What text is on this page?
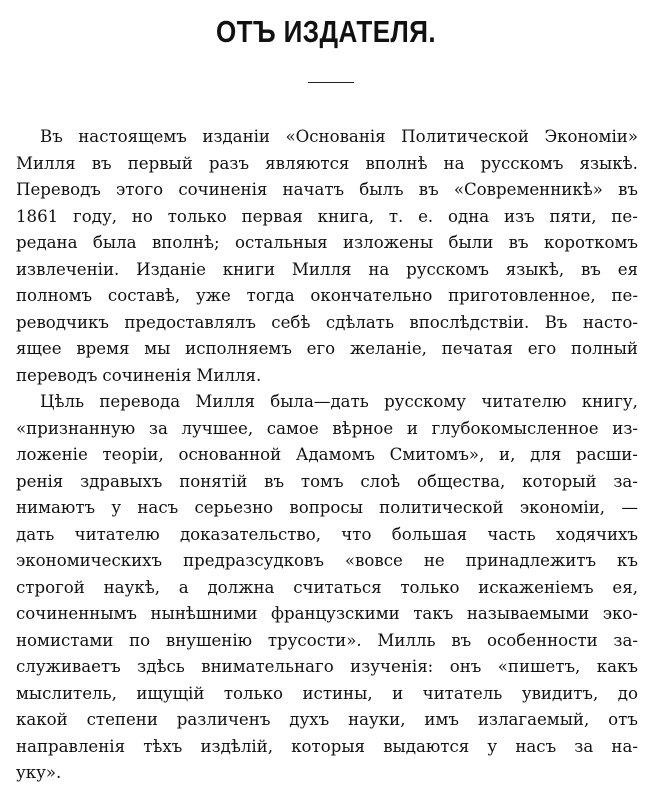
ОТЪ ИЗДАТЕЛЯ.
Въ настоящемъ изданіи «Основанія Политической Экономіи»
Милля въ первый разъ являются вполнѣ на русскомъ языкѣ.
Переводъ этого сочиненія начатъ былъ въ «Современникѣ» въ
1861 году, но только первая книга, т. е. одна изъ пяти, пе-
редана была вполнѣ; остальныя изложены были въ короткомъ
извлеченіи. Изданіе книги Милля на русскомъ языкѣ, въ ея
полномъ составѣ, уже тогда окончательно приготовленное, пе-
реводчикъ предоставлялъ себѣ сдѣлать впослѣдствіи. Въ насто-
ящее время мы исполняемъ его желаніе, печатая его полный
переводъ сочиненія Милля.
Цѣль перевода Милля была—дать русскому читателю книгу,
«признанную за лучшее, самое вѣрное и глубокомысленное из-
ложеніе теоріи, основанной Адамомъ Смитомъ», и, для расши-
ренія здравыхъ понятій въ томъ слоѣ общества, который за-
нимаютъ у насъ серьезно вопросы политической экономіи, —
дать читателю доказательство, что большая часть ходячихъ
экономическихъ предразсудковъ «вовсе не принадлежитъ къ
строгой наукѣ, а должна считаться только искаженіемъ ея,
сочиненнымъ нынѣшними французскими такъ называемыми эко-
номистами по внушенію трусости». Милль въ особенности за-
служиваетъ здѣсь внимательнаго изученія: онъ «пишетъ, какъ
мыслитель, ищущій только истины, и читатель увидитъ, до
какой степени различенъ духъ науки, имъ излагаемый, отъ
направленія тѣхъ издѣлій, которыя выдаются у насъ за на-
уку».
